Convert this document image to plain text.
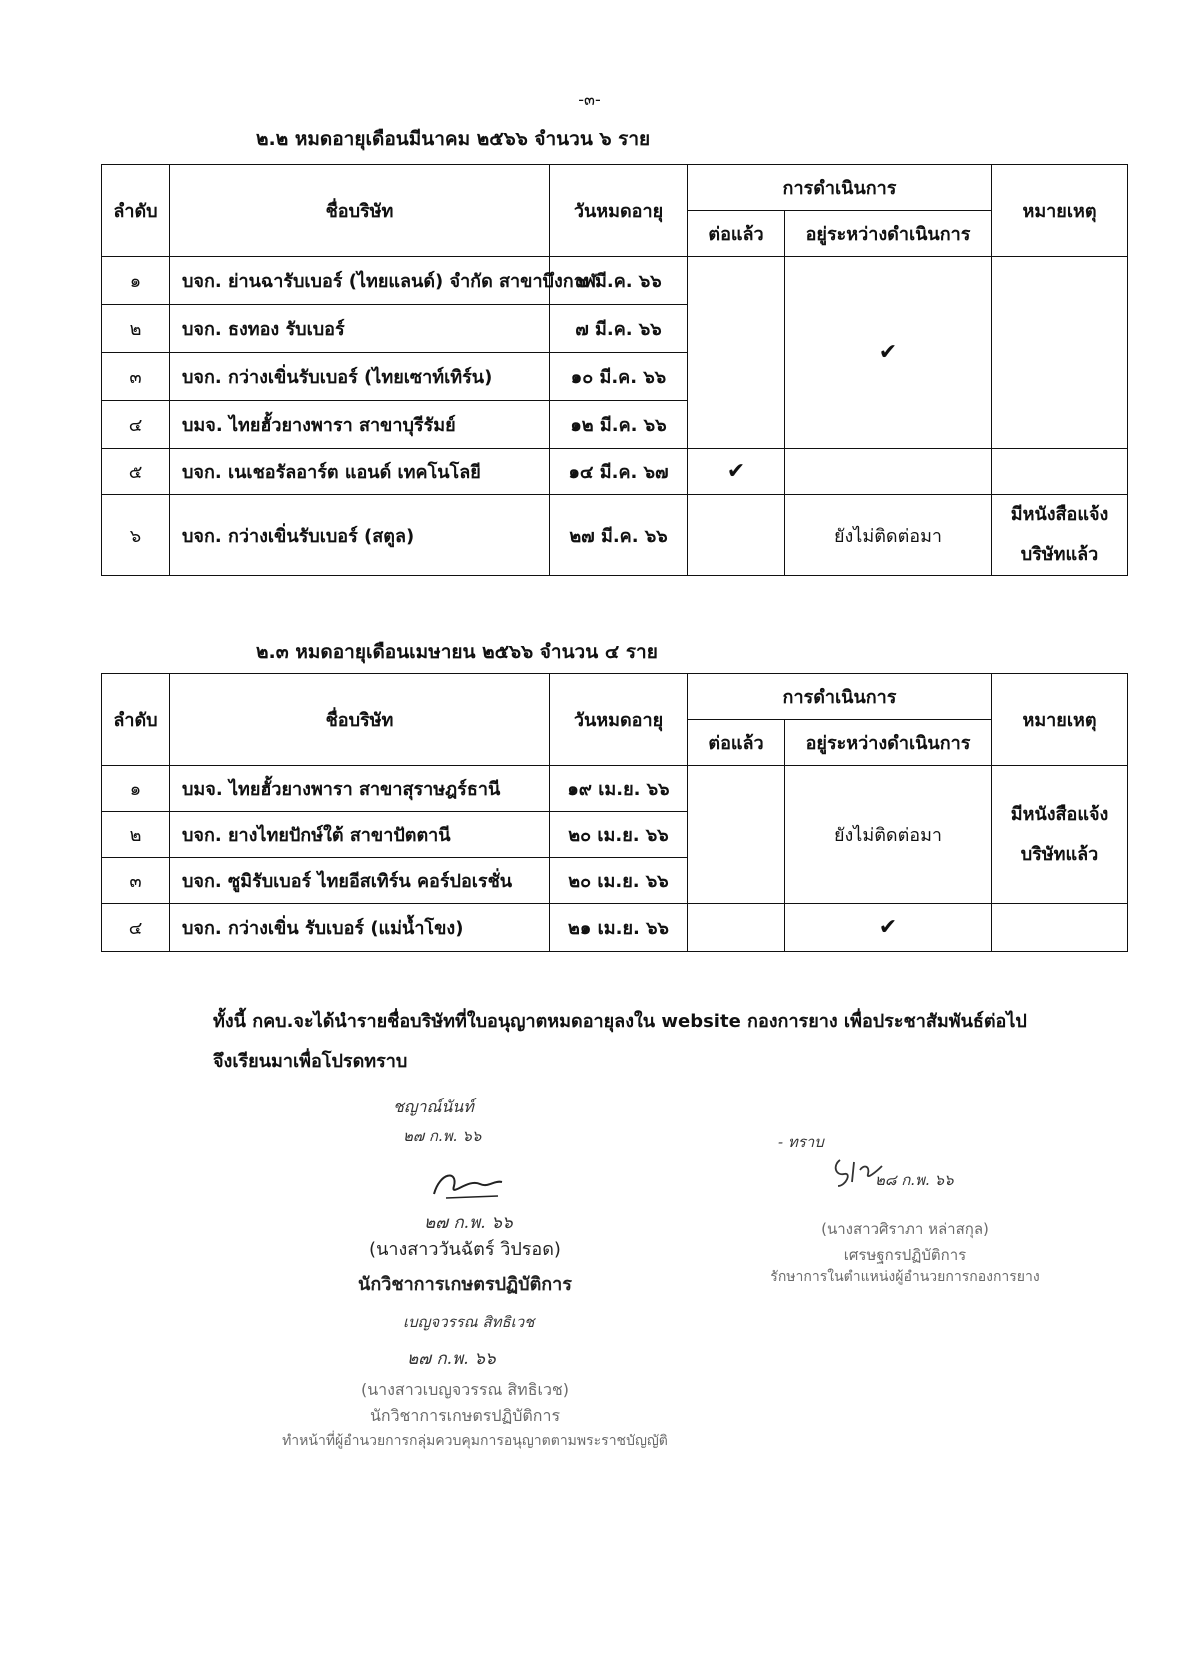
-๓-
๒.๒ หมดอายุเดือนมีนาคม ๒๕๖๖ จำนวน ๖ ราย
ลำดับ	ชื่อบริษัท	วันหมดอายุ	การดำเนินการ		หมายเหตุ
			ต่อแล้ว	อยู่ระหว่างดำเนินการ	
๑	บจก. ย่านฉารับเบอร์ (ไทยแลนด์) จำกัด สาขาบึงกาฬ	๗ มี.ค. ๖๖		✔	
๒	บจก. ธงทอง รับเบอร์	๗ มี.ค. ๖๖			
๓	บจก. กว่างเขิ่นรับเบอร์ (ไทยเซาท์เทิร์น)	๑๐ มี.ค. ๖๖			
๔	บมจ. ไทยฮั้วยางพารา สาขาบุรีรัมย์	๑๒ มี.ค. ๖๖			
๕	บจก. เนเชอรัลอาร์ต แอนด์ เทคโนโลยี	๑๔ มี.ค. ๖๗	✔		
๖	บจก. กว่างเขิ่นรับเบอร์ (สตูล)	๒๗ มี.ค. ๖๖		ยังไม่ติดต่อมา	มีหนังสือแจ้ง
บริษัทแล้ว
๒.๓ หมดอายุเดือนเมษายน ๒๕๖๖ จำนวน ๔ ราย
ลำดับ	ชื่อบริษัท	วันหมดอายุ	การดำเนินการ		หมายเหตุ
			ต่อแล้ว	อยู่ระหว่างดำเนินการ	
๑	บมจ. ไทยฮั้วยางพารา สาขาสุราษฎร์ธานี	๑๙ เม.ย. ๖๖		ยังไม่ติดต่อมา	มีหนังสือแจ้ง
บริษัทแล้ว

๒	บจก. ยางไทยปักษ์ใต้ สาขาปัตตานี	๒๐ เม.ย. ๖๖			
๓	บจก. ซูมิรับเบอร์ ไทยอีสเทิร์น คอร์ปอเรชั่น	๒๐ เม.ย. ๖๖			
๔	บจก. กว่างเขิ่น รับเบอร์ (แม่น้ำโขง)	๒๑ เม.ย. ๖๖		✔	
ทั้งนี้ กคบ.จะได้นำรายชื่อบริษัทที่ใบอนุญาตหมดอายุลงใน website กองการยาง เพื่อประชาสัมพันธ์ต่อไป
จึงเรียนมาเพื่อโปรดทราบ
ชญาณ์นันท์
๒๗ ก.พ. ๖๖
๒๗ ก.พ. ๖๖
(นางสาววันฉัตร์ วิปรอด)
นักวิชาการเกษตรปฏิบัติการ
เบญจวรรณ สิทธิเวช
๒๗ ก.พ. ๖๖
(นางสาวเบญจวรรณ สิทธิเวช)
นักวิชาการเกษตรปฏิบัติการ
ทำหน้าที่ผู้อำนวยการกลุ่มควบคุมการอนุญาตตามพระราชบัญญัติ
- ทราบ
๒๘ ก.พ. ๖๖
(นางสาวศิราภา หล่าสกุล)
เศรษฐกรปฏิบัติการ
รักษาการในตำแหน่งผู้อำนวยการกองการยาง
